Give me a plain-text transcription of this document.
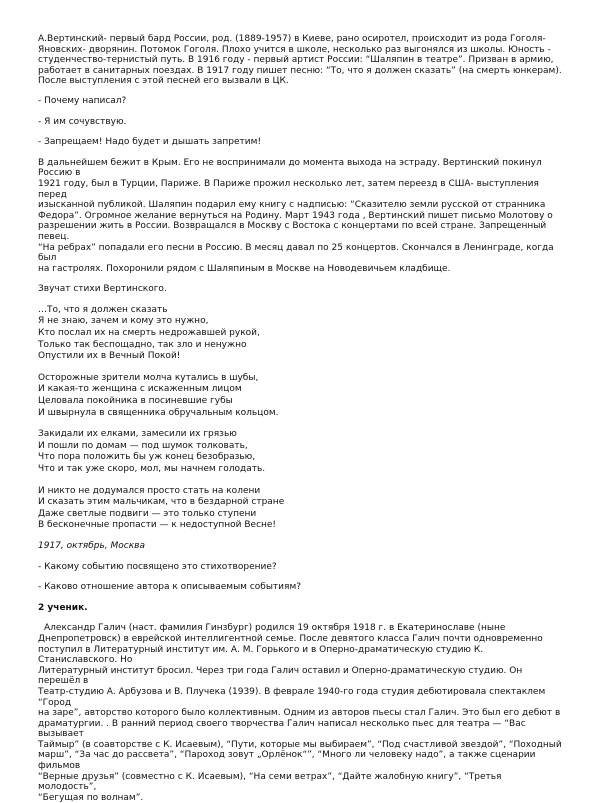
А.Вертинский- первый бард России, род. (1889-1957) в Киеве, рано осиротел, происходит из рода Гоголя-

Яновских- дворянин. Потомок Гоголя. Плохо учится в школе, несколько раз выгонялся из школы. Юность -

студенчество-тернистый путь. В 1916 году - первый артист России: “Шаляпин в театре”. Призван в армию,

работает в санитарных поездах. В 1917 году пишет песню: “То, что я должен сказать” (на смерть юнкерам).

После выступления с этой песней его вызвали в ЦК.

- Почему написал?

- Я им сочувствую.

- Запрещаем! Надо будет и дышать запретим!

В дальнейшем бежит в Крым. Его не воспринимали до момента выхода на эстраду. Вертинский покинул Россию в

1921 году, был в Турции, Париже. В Париже прожил несколько лет, затем переезд в США- выступления перед

изысканной публикой. Шаляпин подарил ему книгу с надписью: “Сказителю земли русской от странника

Федора”. Огромное желание вернуться на Родину. Март 1943 года , Вертинский пишет письмо Молотову о

разрешении жить в России. Возвращался в Москву с Востока с концертами по всей стране. Запрещенный певец.

“На ребрах” попадали его песни в Россию. В месяц давал по 25 концертов. Скончался в Ленинграде, когда был

на гастролях. Похоронили рядом с Шаляпиным в Москве на Новодевичьем кладбище.

Звучат стихи Вертинского.

…То, что я должен сказать

Я не знаю, зачем и кому это нужно,

Кто послал их на смерть недрожавшей рукой,

Только так беспощадно, так зло и ненужно

Опустили их в Вечный Покой!

Осторожные зрители молча кутались в шубы,

И какая-то женщина с искаженным лицом

Целовала покойника в посиневшие губы

И швырнула в священника обручальным кольцом.

Закидали их елками, замесили их грязью

И пошли по домам — под шумок толковать,

Что пора положить бы уж конец безобразью,

Что и так уже скоро, мол, мы начнем голодать.

И никто не додумался просто стать на колени

И сказать этим мальчикам, что в бездарной стране

Даже светлые подвиги — это только ступени

В бесконечные пропасти — к недоступной Весне!

1917, октябрь, Москва

- Какому событию посвящено это стихотворение?

- Каково отношение автора к описываемым событиям?

2 ученик.

Александр Галич (наст. фамилия Гинзбург) родился 19 октября 1918 г. в Екатеринославе (ныне

Днепропетровск) в еврейской интеллигентной семье. После девятого класса Галич почти одновременно

поступил в Литературный институт им. А. М. Горького и в Оперно-драматическую студию К. Станиславского. Но

Литературный институт бросил. Через три года Галич оставил и Оперно-драматическую студию. Он перешёл в

Театр-студию А. Арбузова и В. Плучека (1939). В феврале 1940-го года студия дебютировала спектаклем “Город

на заре”, авторство которого было коллективным. Одним из авторов пьесы стал Галич. Это был его дебют в

драматургии. . В ранний период своего творчества Галич написал несколько пьес для театра — “Вас вызывает

Таймыр” (в соавторстве с К. Исаевым), “Пути, которые мы выбираем”, “Под счастливой звездой”, “Походный

марш”, “За час до рассвета”, “Пароход зовут „Орлёнок“”, “Много ли человеку надо”, а также сценарии фильмов

“Верные друзья” (совместно с К. Исаевым), “На семи ветрах”, “Дайте жалобную книгу”, “Третья молодость”,

“Бегущая по волнам”.
